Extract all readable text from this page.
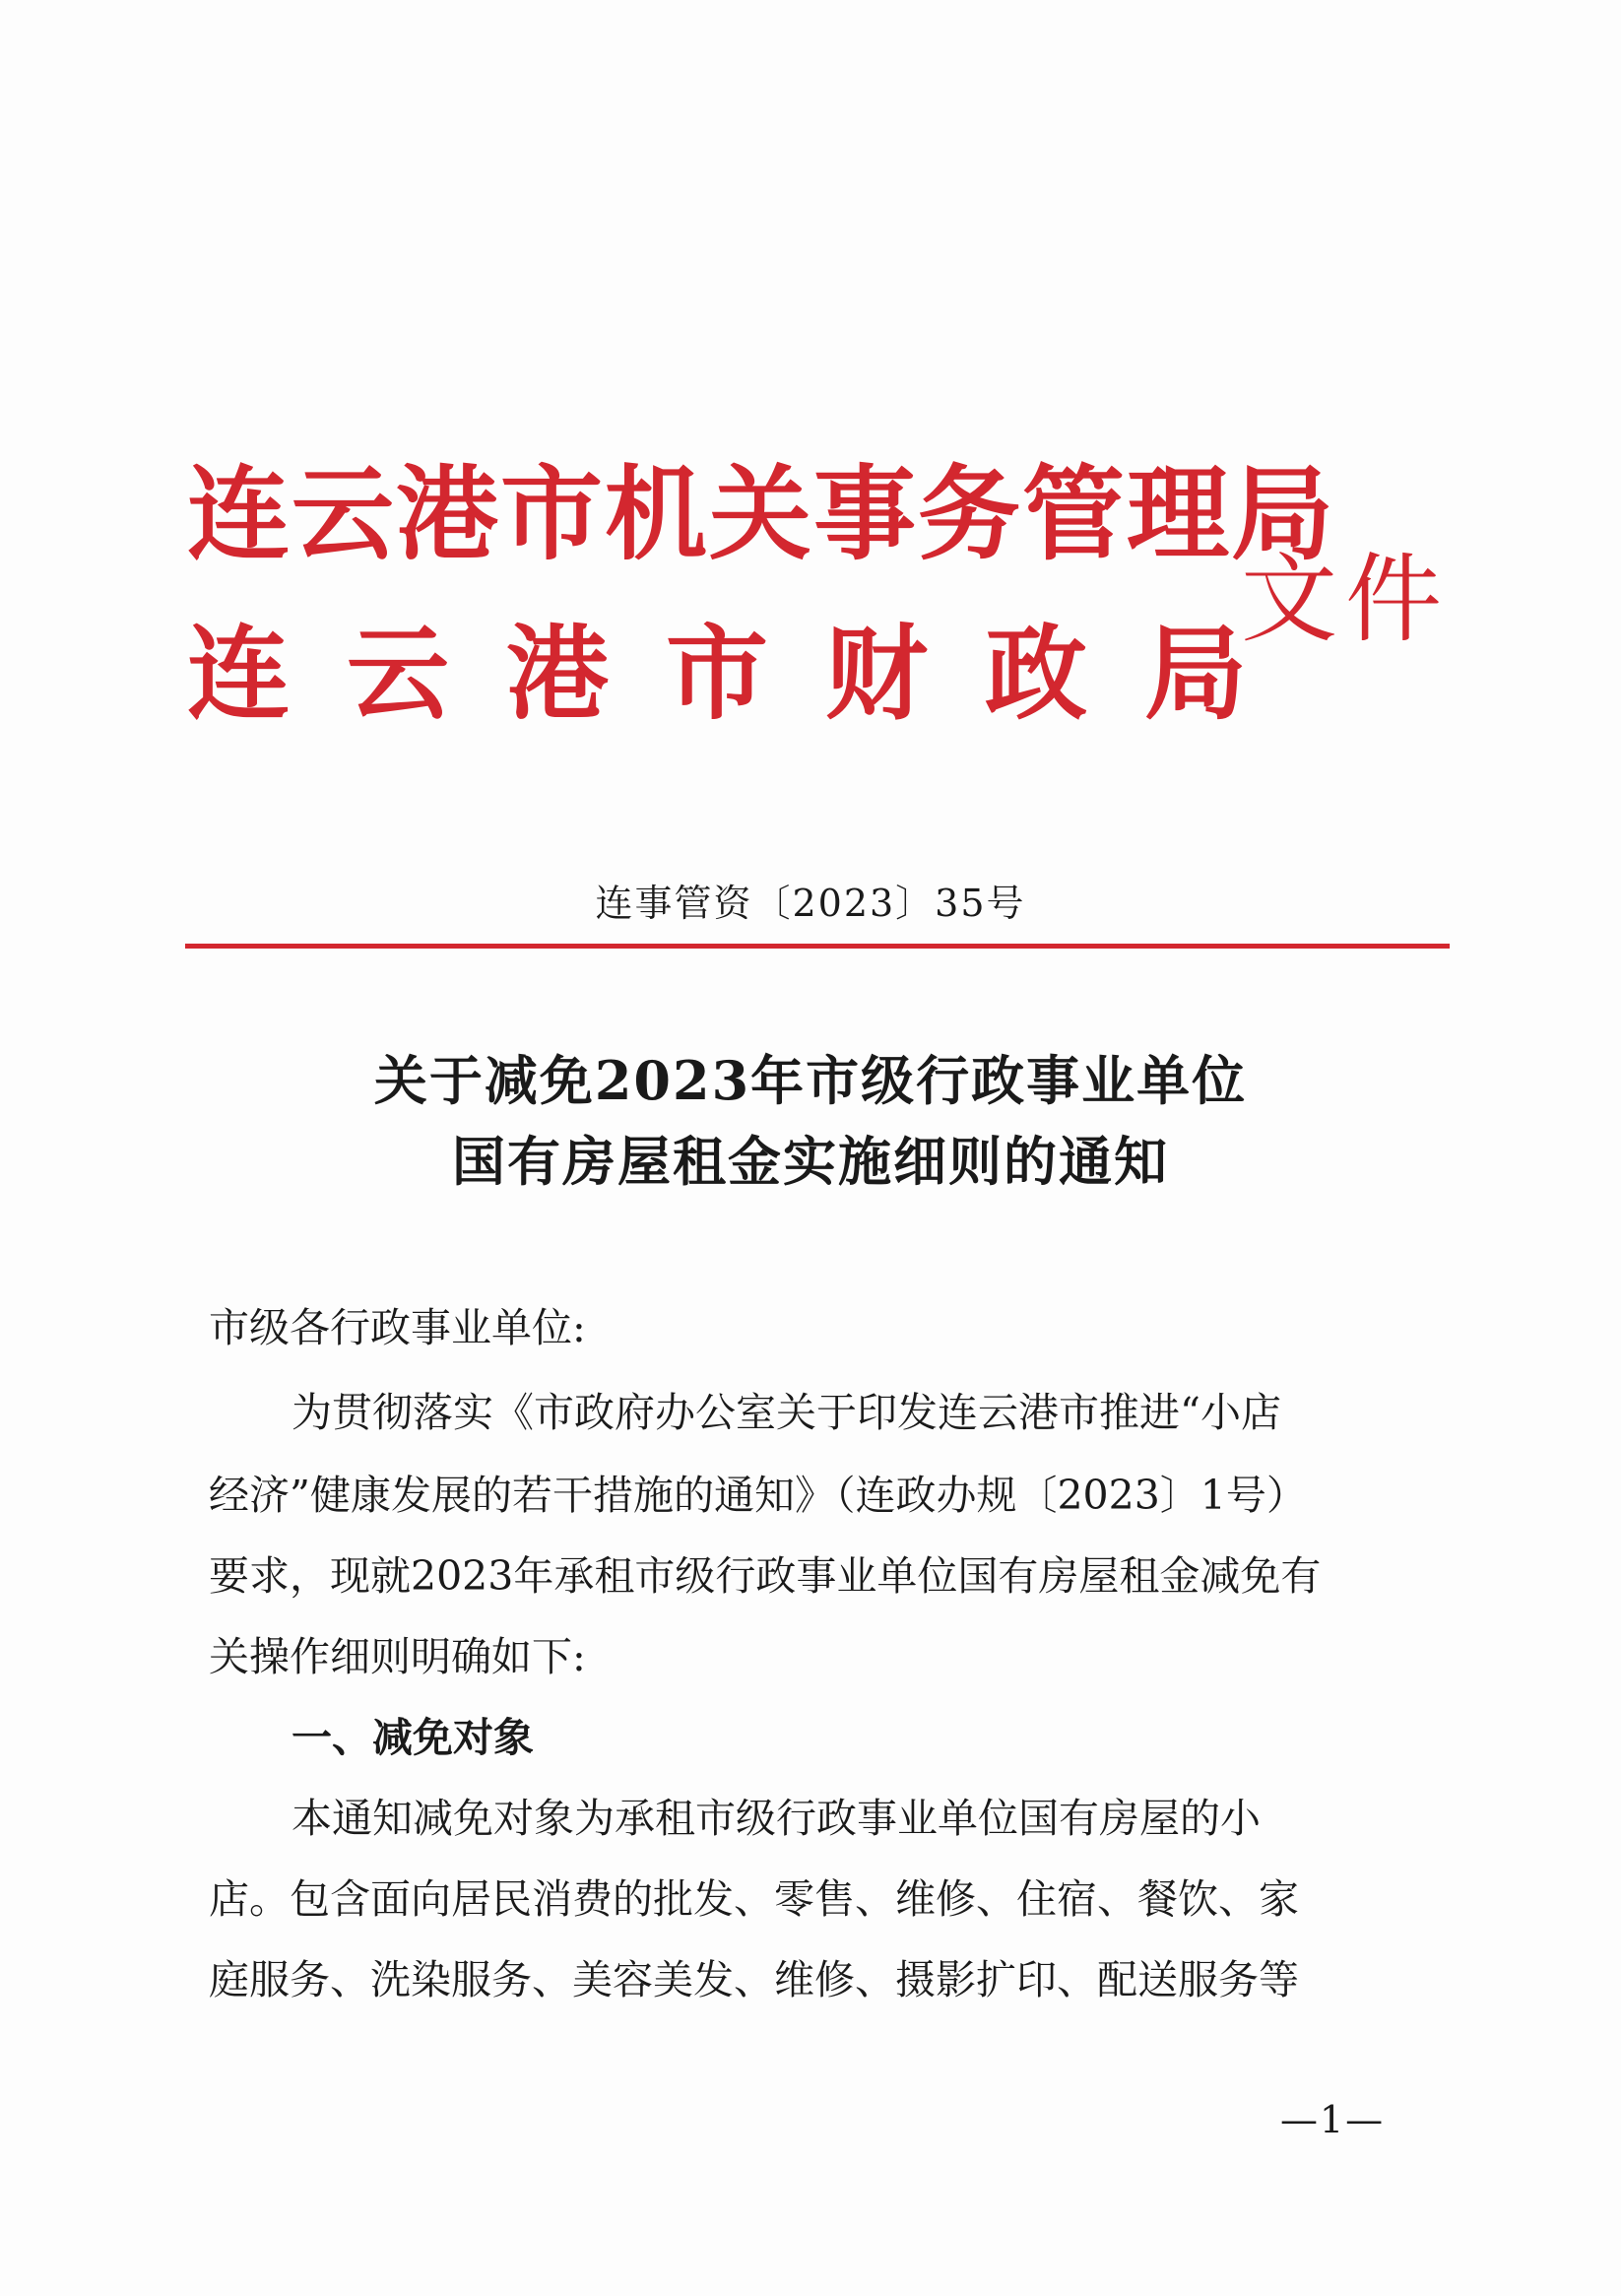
连云港市机关事务管理局
连云港市财政局
文件
连事管资〔2023〕35号
关于减免2023年市级行政事业单位
国有房屋租金实施细则的通知
市级各行政事业单位:
为贯彻落实《市政府办公室关于印发连云港市推进“小店
经济”健康发展的若干措施的通知》（连政办规〔2023〕1号）
要求，现就2023年承租市级行政事业单位国有房屋租金减免有
关操作细则明确如下:
一、减免对象
本通知减免对象为承租市级行政事业单位国有房屋的小
店。包含面向居民消费的批发、零售、维修、住宿、餐饮、家
庭服务、洗染服务、美容美发、维修、摄影扩印、配送服务等
—1—
